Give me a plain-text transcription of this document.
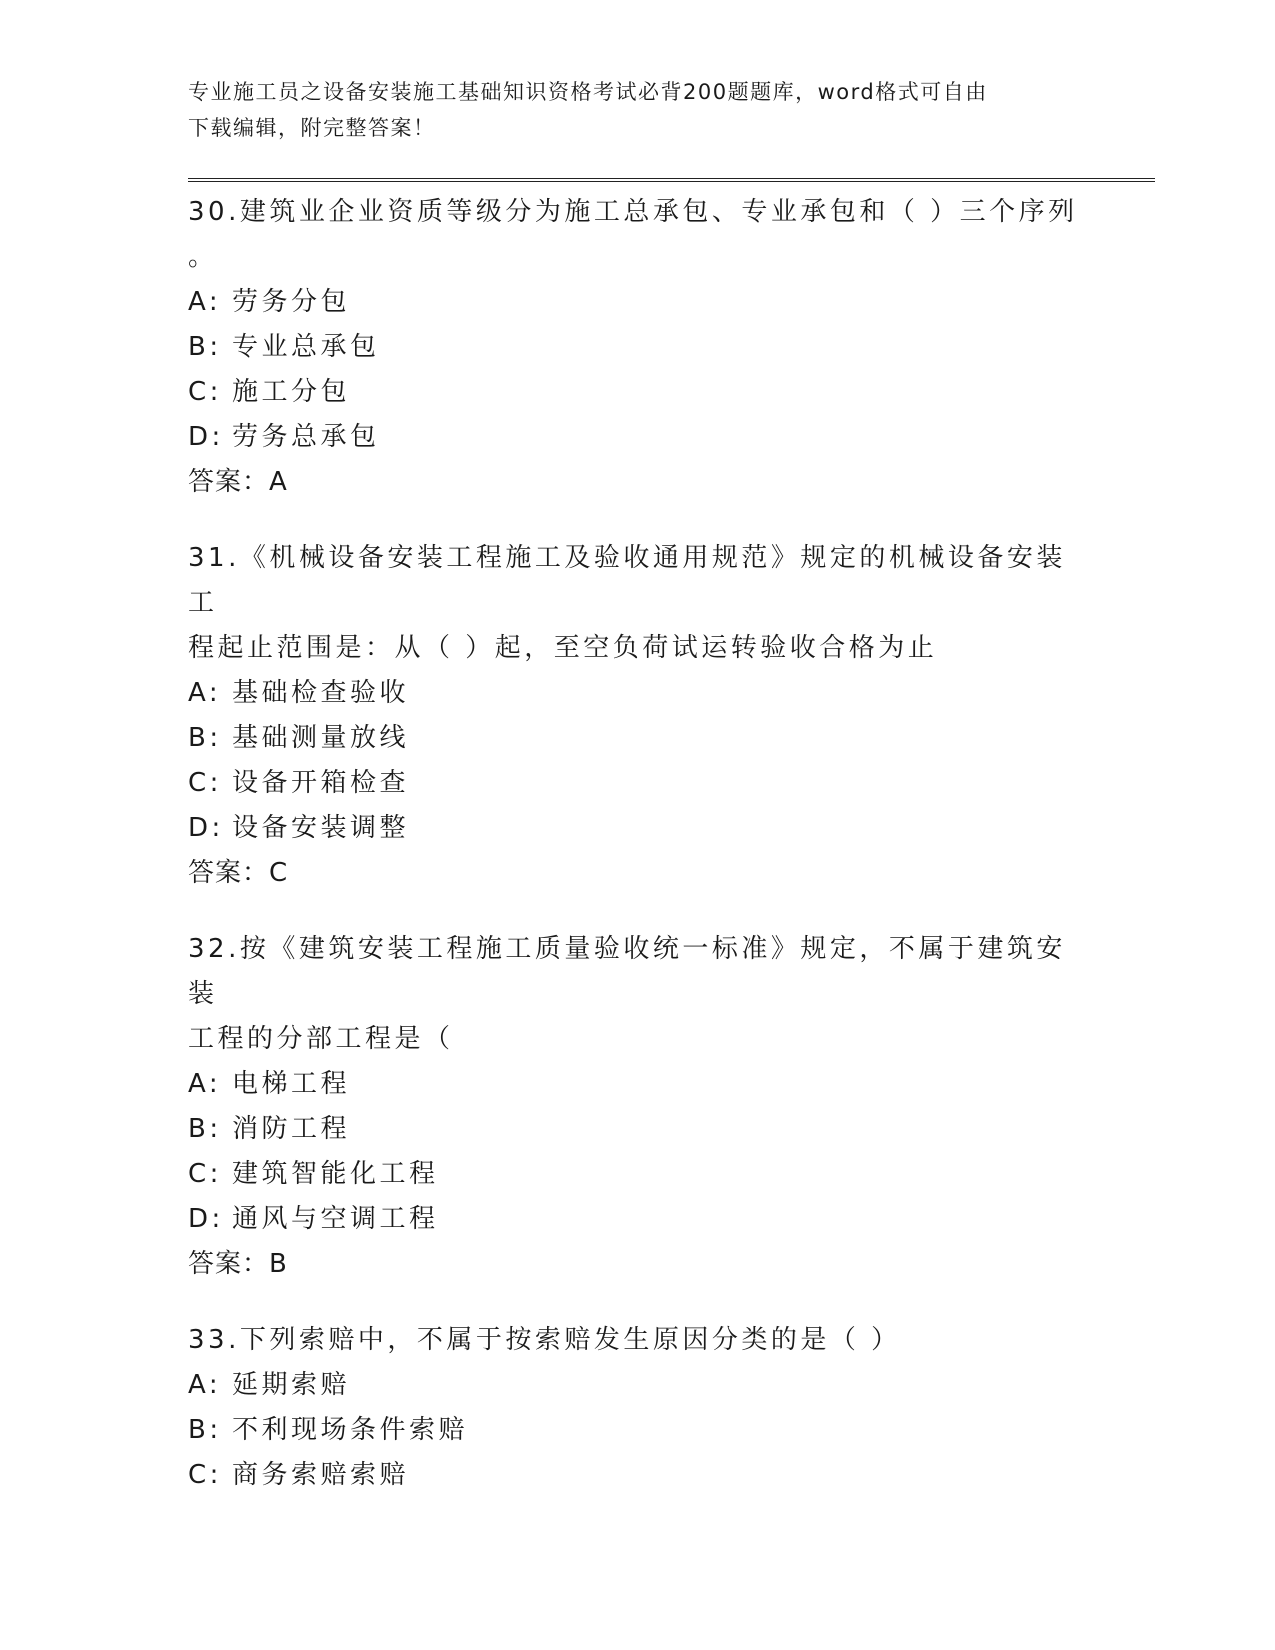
专业施工员之设备安装施工基础知识资格考试必背200题题库，word格式可自由
下载编辑，附完整答案！
30.建筑业企业资质等级分为施工总承包、专业承包和（ ）三个序列
。
A: 劳务分包
B: 专业总承包
C: 施工分包
D: 劳务总承包
答案：A
31.《机械设备安装工程施工及验收通用规范》规定的机械设备安装工
程起止范围是：从（ ）起，至空负荷试运转验收合格为止
A: 基础检查验收
B: 基础测量放线
C: 设备开箱检查
D: 设备安装调整
答案：C
32.按《建筑安装工程施工质量验收统一标准》规定，不属于建筑安装
工程的分部工程是（
A: 电梯工程
B: 消防工程
C: 建筑智能化工程
D: 通风与空调工程
答案：B
33.下列索赔中，不属于按索赔发生原因分类的是（ ）
A: 延期索赔
B: 不利现场条件索赔
C: 商务索赔索赔
